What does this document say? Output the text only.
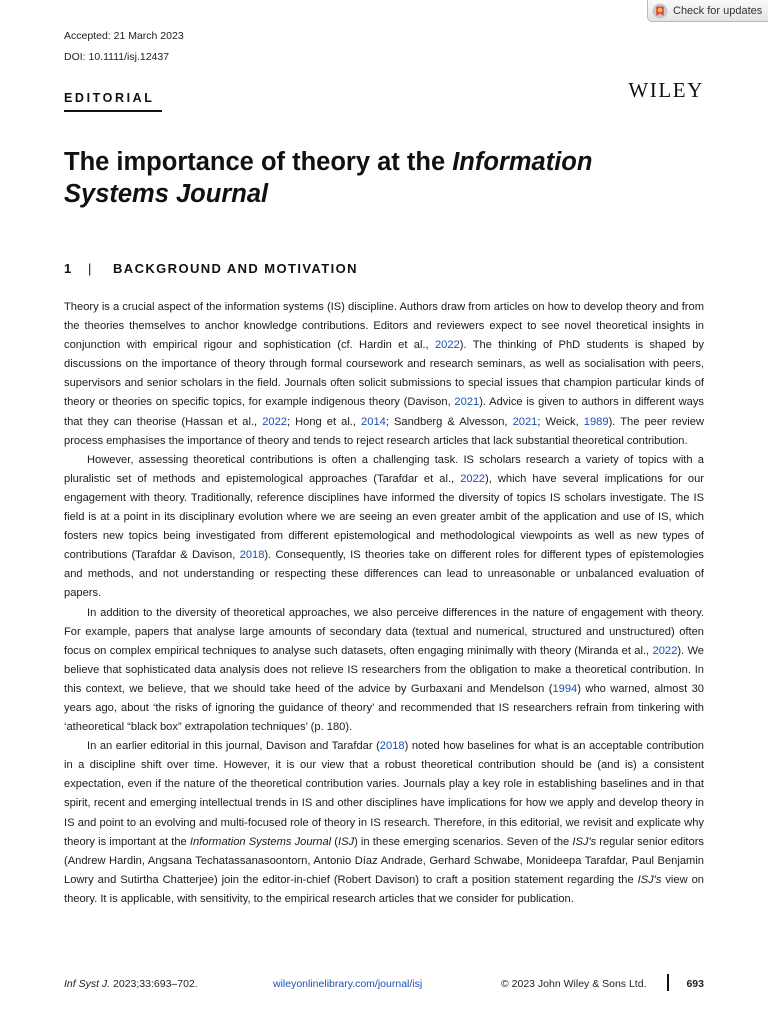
Check for updates
Accepted: 21 March 2023
DOI: 10.1111/isj.12437
EDITORIAL	WILEY
The importance of theory at the Information Systems Journal
1	|	BACKGROUND AND MOTIVATION

Theory is a crucial aspect of the information systems (IS) discipline. Authors draw from articles on how to develop theory and from the theories themselves to anchor knowledge contributions. Editors and reviewers expect to see novel theoretical insights in conjunction with empirical rigour and sophistication (cf. Hardin et al., 2022). The thinking of PhD students is shaped by discussions on the importance of theory through formal coursework and research seminars, as well as socialisation with peers, supervisors and senior scholars in the field. Journals often solicit submissions to special issues that champion particular kinds of theory or theories on specific topics, for example indigenous theory (Davison, 2021). Advice is given to authors in different ways that they can theorise (Hassan et al., 2022; Hong et al., 2014; Sandberg & Alvesson, 2021; Weick, 1989). The peer review process emphasises the importance of theory and tends to reject research articles that lack substantial theoretical contribution.

However, assessing theoretical contributions is often a challenging task. IS scholars research a variety of topics with a pluralistic set of methods and epistemological approaches (Tarafdar et al., 2022), which have several implications for our engagement with theory. Traditionally, reference disciplines have informed the diversity of topics IS scholars investigate. The IS field is at a point in its disciplinary evolution where we are seeing an even greater ambit of the application and use of IS, which fosters new topics being investigated from different epistemological and methodological viewpoints as well as new types of contributions (Tarafdar & Davison, 2018). Consequently, IS theories take on different roles for different types of epistemologies and methods, and not understanding or respecting these differences can lead to unreasonable or unbalanced evaluation of papers.

In addition to the diversity of theoretical approaches, we also perceive differences in the nature of engagement with theory. For example, papers that analyse large amounts of secondary data (textual and numerical, structured and unstructured) often focus on complex empirical techniques to analyse such datasets, often engaging minimally with theory (Miranda et al., 2022). We believe that sophisticated data analysis does not relieve IS researchers from the obligation to make a theoretical contribution. In this context, we believe, that we should take heed of the advice by Gurbaxani and Mendelson (1994) who warned, almost 30 years ago, about ‘the risks of ignoring the guidance of theory’ and recommended that IS researchers refrain from tinkering with ‘atheoretical “black box” extrapolation techniques’ (p. 180).

In an earlier editorial in this journal, Davison and Tarafdar (2018) noted how baselines for what is an acceptable contribution in a discipline shift over time. However, it is our view that a robust theoretical contribution should be (and is) a consistent expectation, even if the nature of the theoretical contribution varies. Journals play a key role in establishing baselines and in that spirit, recent and emerging intellectual trends in IS and other disciplines have implications for how we apply and develop theory in IS and point to an evolving and multi-focused role of theory in IS research. Therefore, in this editorial, we revisit and explicate why theory is important at the Information Systems Journal (ISJ) in these emerging scenarios. Seven of the ISJ's regular senior editors (Andrew Hardin, Angsana Techatassanasoontorn, Antonio Díaz Andrade, Gerhard Schwabe, Monideepa Tarafdar, Paul Benjamin Lowry and Sutirtha Chatterjee) join the editor-in-chief (Robert Davison) to craft a position statement regarding the ISJ's view on theory. It is applicable, with sensitivity, to the empirical research articles that we consider for publication.

Inf Syst J. 2023;33:693–702.	wileyonlinelibrary.com/journal/isj	© 2023 John Wiley & Sons Ltd.	693
